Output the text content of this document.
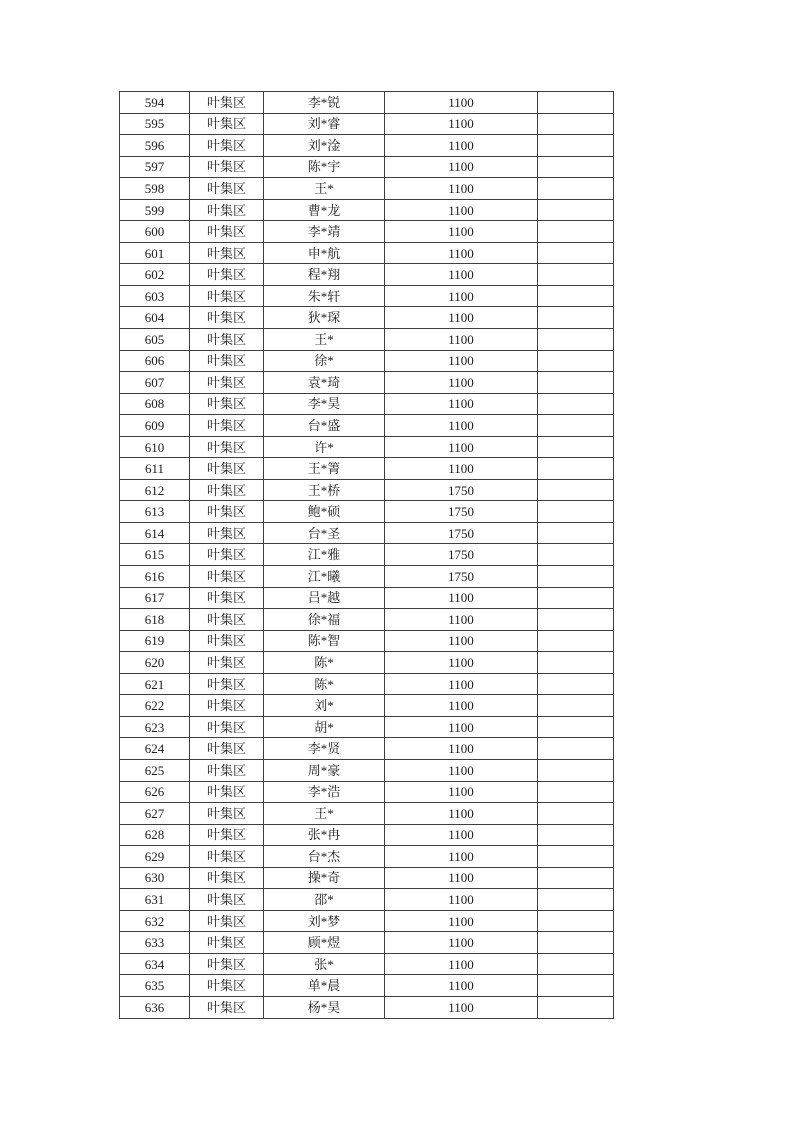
594	叶集区	李*锐	1100	
595	叶集区	刘*睿	1100	
596	叶集区	刘*淦	1100	
597	叶集区	陈*宇	1100	
598	叶集区	王*	1100	
599	叶集区	曹*龙	1100	
600	叶集区	李*靖	1100	
601	叶集区	申*航	1100	
602	叶集区	程*翔	1100	
603	叶集区	朱*轩	1100	
604	叶集区	狄*琛	1100	
605	叶集区	王*	1100	
606	叶集区	徐*	1100	
607	叶集区	袁*琦	1100	
608	叶集区	李*昊	1100	
609	叶集区	台*盛	1100	
610	叶集区	许*	1100	
611	叶集区	王*箐	1100	
612	叶集区	王*桥	1750	
613	叶集区	鲍*硕	1750	
614	叶集区	台*圣	1750	
615	叶集区	江*雅	1750	
616	叶集区	江*曦	1750	
617	叶集区	吕*越	1100	
618	叶集区	徐*福	1100	
619	叶集区	陈*智	1100	
620	叶集区	陈*	1100	
621	叶集区	陈*	1100	
622	叶集区	刘*	1100	
623	叶集区	胡*	1100	
624	叶集区	李*贤	1100	
625	叶集区	周*豪	1100	
626	叶集区	李*浩	1100	
627	叶集区	王*	1100	
628	叶集区	张*冉	1100	
629	叶集区	台*杰	1100	
630	叶集区	操*奇	1100	
631	叶集区	邵*	1100	
632	叶集区	刘*梦	1100	
633	叶集区	顾*煜	1100	
634	叶集区	张*	1100	
635	叶集区	单*晨	1100	
636	叶集区	杨*昊	1100	
